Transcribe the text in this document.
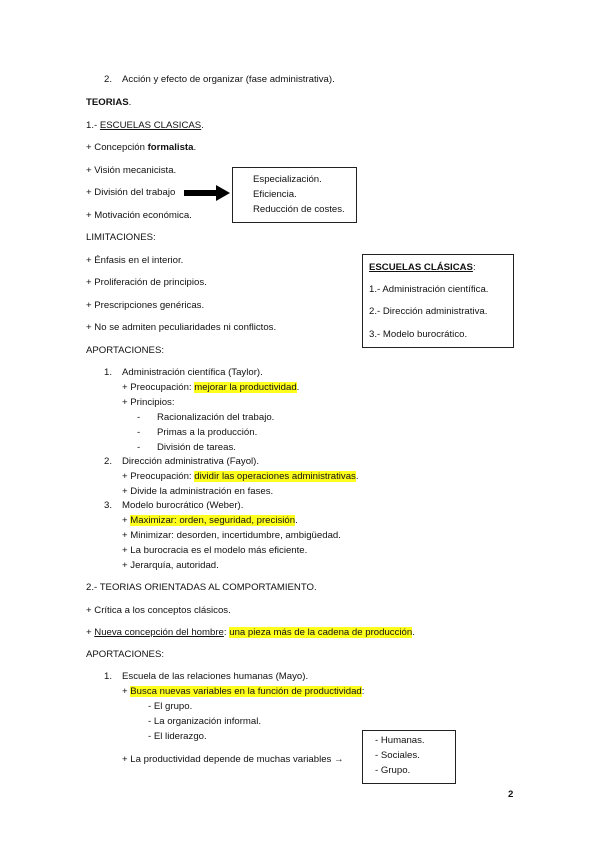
2. Acción y efecto de organizar (fase administrativa).
TEORIAS.
1.- ESCUELAS CLASICAS.
+ Concepción formalista.
+ Visión mecanicista.
+ División del trabajo
+ Motivación económica.
Especialización.
Eficiencia.
Reducción de costes.
LIMITACIONES:
+ Énfasis en el interior.
+ Proliferación de principios.
+ Prescripciones genéricas.
+ No se admiten peculiaridades ni conflictos.
ESCUELAS CLÁSICAS:
1.- Administración científica.
2.- Dirección administrativa.
3.- Modelo burocrático.
APORTACIONES:
1. Administración científica (Taylor).
+ Preocupación: mejorar la productividad.
+ Principios:
- Racionalización del trabajo.
- Primas a la producción.
- División de tareas.
2. Dirección administrativa (Fayol).
+ Preocupación: dividir las operaciones administrativas.
+ Divide la administración en fases.
3. Modelo burocrático (Weber).
+ Maximizar: orden, seguridad, precisión.
+ Minimizar: desorden, incertidumbre, ambigüedad.
+ La burocracia es el modelo más eficiente.
+ Jerarquía, autoridad.
2.- TEORIAS ORIENTADAS AL COMPORTAMIENTO.
+ Crítica a los conceptos clásicos.
+ Nueva concepción del hombre: una pieza más de la cadena de producción.
APORTACIONES:
1. Escuela de las relaciones humanas (Mayo).
+ Busca nuevas variables en la función de productividad:
- El grupo.
- La organización informal.
- El liderazgo.
+ La productividad depende de muchas variables →
- Humanas.
- Sociales.
- Grupo.
2
